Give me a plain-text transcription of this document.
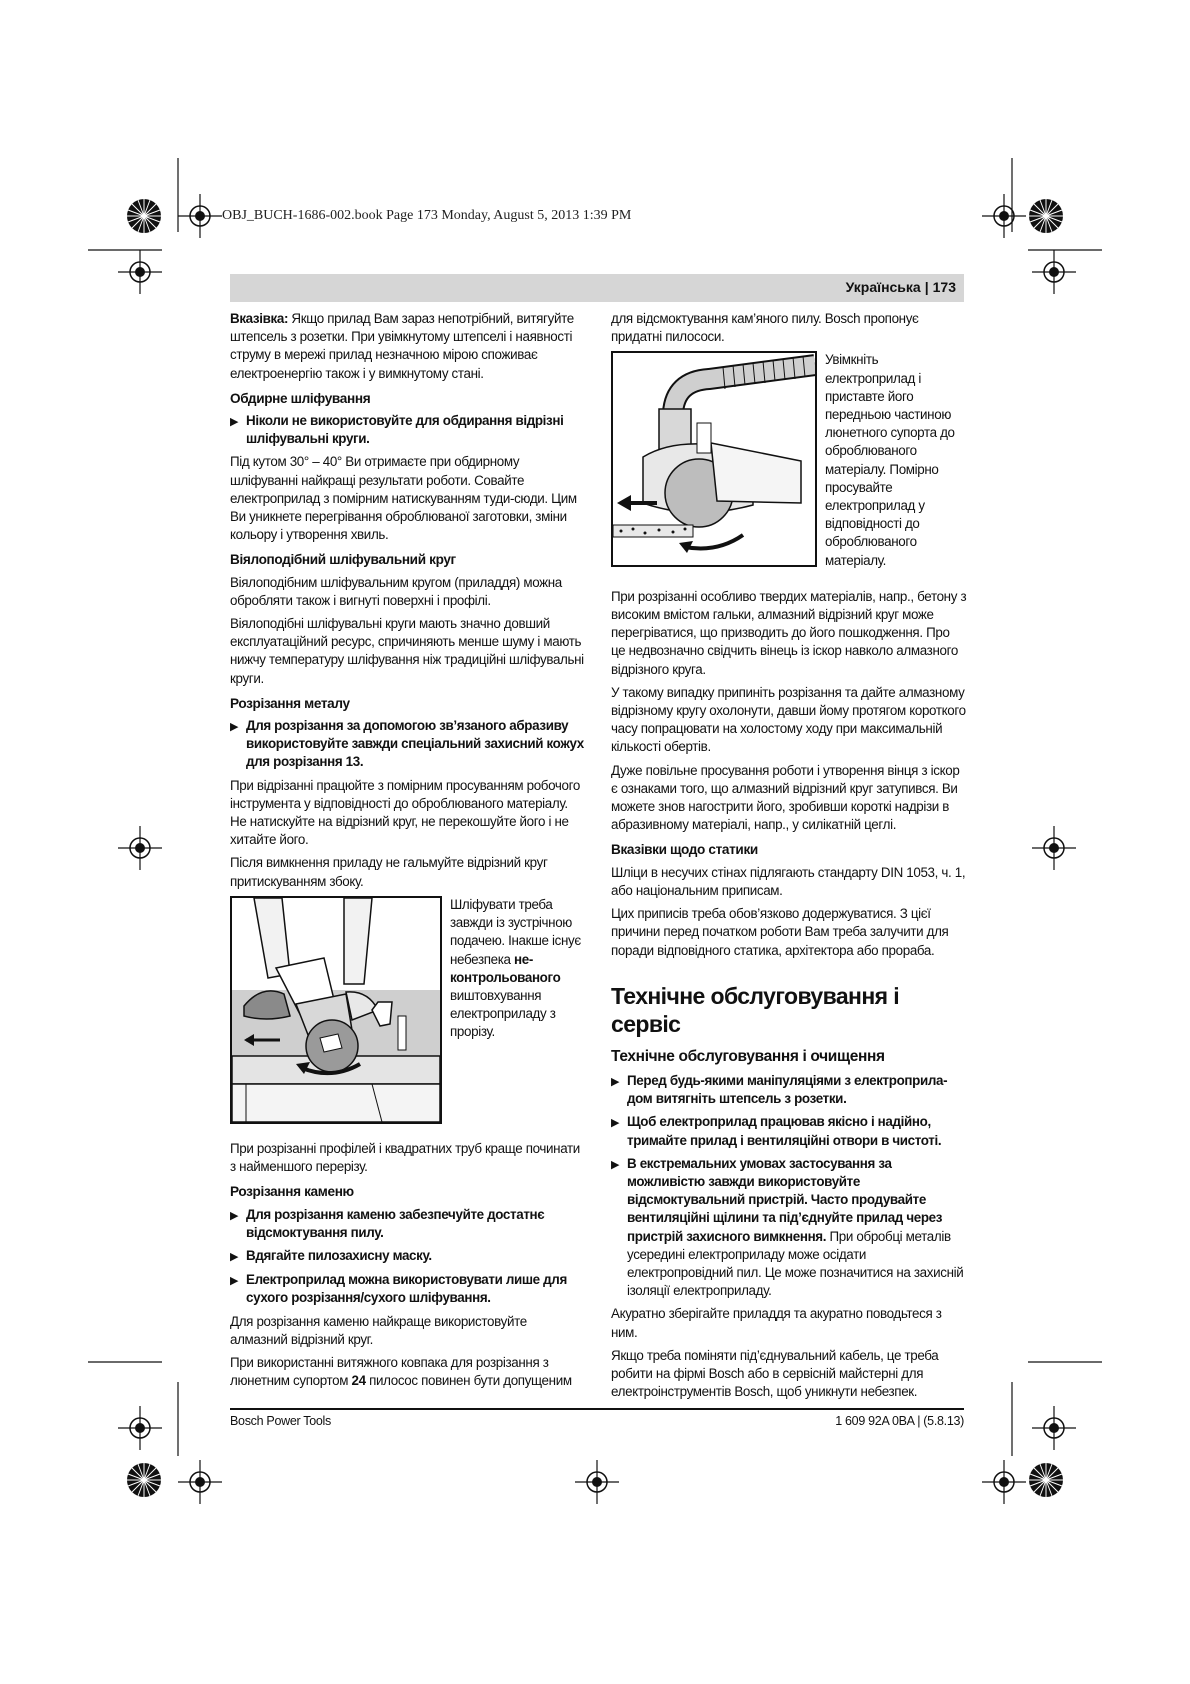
OBJ_BUCH-1686-002.book Page 173 Monday, August 5, 2013 1:39 PM
Українська | 173

Вказівка: Якщо прилад Вам зараз непотрібний, витягуйте штепсель з розетки. При увімкнутому штепселі і наявності струму в мережі прилад незначною мірою споживає електроенергію також і у вимкнутому стані.

Обдирне шліфування
▶ Ніколи не використовуйте для обдирання відрізні шліфувальні круги.

Під кутом 30° – 40° Ви отримаєте при обдирному шліфуванні найкращі результати роботи. Совайте електроприлад з помірним натискуванням туди-сюди. Цим Ви уникнете перегрівання оброблюваної заготовки, зміни кольору і утворення хвиль.

Віялоподібний шліфувальний круг

Віялоподібним шліфувальним кругом (приладдя) можна обробляти також і вигнуті поверхні і профілі.

Віялоподібні шліфувальні круги мають значно довший експлуатаційний ресурс, спричиняють менше шуму і мають нижчу температуру шліфування ніж традиційні шліфувальні круги.

Розрізання металу
▶ Для розрізання за допомогою зв’язаного абразиву використовуйте завжди спеціальний захисний кожух для розрізання 13.

При відрізанні працюйте з помірним просуванням робочого інструмента у відповідності до оброблюваного матеріалу. Не натискуйте на відрізний круг, не перекошуйте його і не хитайте його.

Після вимкнення приладу не гальмуйте відрізний круг притискуванням збоку.

Шліфувати треба завжди із зустрічною подачею. Інакше існує небезпека не-контрольованого виштовхування електроприладу з прорізу.

При розрізанні профілей і квадратних труб краще починати з найменшого перерізу.

Розрізання каменю
▶ Для розрізання каменю забезпечуйте достатнє відсмоктування пилу.
▶ Вдягайте пилозахисну маску.
▶ Електроприлад можна використовувати лише для сухого розрізання/сухого шліфування.

Для розрізання каменю найкраще використовуйте алмазний відрізний круг.

При використанні витяжного ковпака для розрізання з люнетним супортом 24 пилосос повинен бути допущеним

для відсмоктування кам’яного пилу. Bosch пропонує придатні пилососи.

Увімкніть електроприлад і приставте його передньою частиною люнетного супорта до оброблюваного матеріалу. Помірно просувайте електроприлад у відповідності до оброблюваного матеріалу.

При розрізанні особливо твердих матеріалів, напр., бетону з високим вмістом гальки, алмазний відрізний круг може перегріватися, що призводить до його пошкодження. Про це недвозначно свідчить вінець із іскор навколо алмазного відрізного круга.

У такому випадку припиніть розрізання та дайте алмазному відрізному кругу охолонути, давши йому протягом короткого часу попрацювати на холостому ходу при максимальній кількості обертів.

Дуже повільне просування роботи і утворення вінця з іскор є ознаками того, що алмазний відрізний круг затупився. Ви можете знов нагострити його, зробивши короткі надрізи в абразивному матеріалі, напр., у силікатній цеглі.

Вказівки щодо статики

Шліци в несучих стінах підлягають стандарту DIN 1053, ч. 1, або національним приписам.

Цих приписів треба обов’язково додержуватися. З цієї причини перед початком роботи Вам треба залучити для поради відповідного статика, архітектора або прораба.

Технічне обслуговування і сервіс
Технічне обслуговування і очищення
▶ Перед будь-якими маніпуляціями з електроприла-дом витягніть штепсель з розетки.
▶ Щоб електроприлад працював якісно і надійно, тримайте прилад і вентиляційні отвори в чистоті.
▶ В екстремальних умовах застосування за можливістю завжди використовуйте відсмоктувальний пристрій. Часто продувайте вентиляційні щілини та під’єднуйте прилад через пристрій захисного вимкнення. При обробці металів усередині електроприладу може осідати електропровідний пил. Це може позначитися на захисній ізоляції електроприладу.

Акуратно зберігайте приладдя та акуратно поводьтеся з ним.

Якщо треба поміняти під’єднувальний кабель, це треба робити на фірмі Bosch або в сервісній майстерні для електроінструментів Bosch, щоб уникнути небезпек.

Bosch Power Tools	1 609 92A 0BA | (5.8.13)
